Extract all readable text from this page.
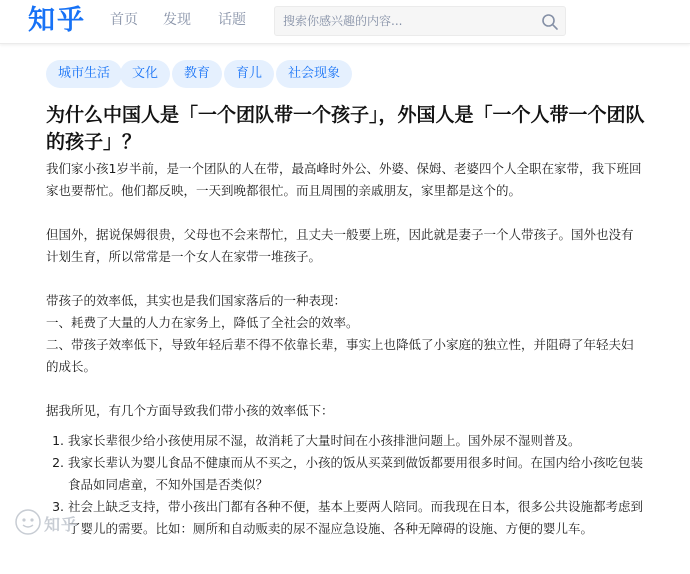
知乎 首页 发现 话题
搜索你感兴趣的内容...
城市生活	文化	教育	育儿	社会现象
为什么中国人是「一个团队带一个孩子」，外国人是「一个人带一个团队的孩子」？

我们家小孩1岁半前，是一个团队的人在带，最高峰时外公、外婆、保姆、老婆四个人全职在家带，我下班回家也要帮忙。他们都反映，一天到晚都很忙。而且周围的亲戚朋友，家里都是这个的。

但国外，据说保姆很贵，父母也不会来帮忙，且丈夫一般要上班，因此就是妻子一个人带孩子。国外也没有计划生育，所以常常是一个女人在家带一堆孩子。

带孩子的效率低，其实也是我们国家落后的一种表现：
一、耗费了大量的人力在家务上，降低了全社会的效率。
二、带孩子效率低下，导致年轻后辈不得不依靠长辈，事实上也降低了小家庭的独立性，并阻碍了年轻夫妇的成长。

据我所见，有几个方面导致我们带小孩的效率低下：

1. 我家长辈很少给小孩使用尿不湿，故消耗了大量时间在小孩排泄问题上。国外尿不湿则普及。
2. 我家长辈认为婴儿食品不健康而从不买之，小孩的饭从买菜到做饭都要用很多时间。在国内给小孩吃包装食品如同虐童，不知外国是否类似？
3. 社会上缺乏支持，带小孩出门都有各种不便，基本上要两人陪同。而我现在日本，很多公共设施都考虑到了婴儿的需要。比如：厕所和自动贩卖的尿不湿应急设施、各种无障碍的设施、方便的婴儿车。
知乎
